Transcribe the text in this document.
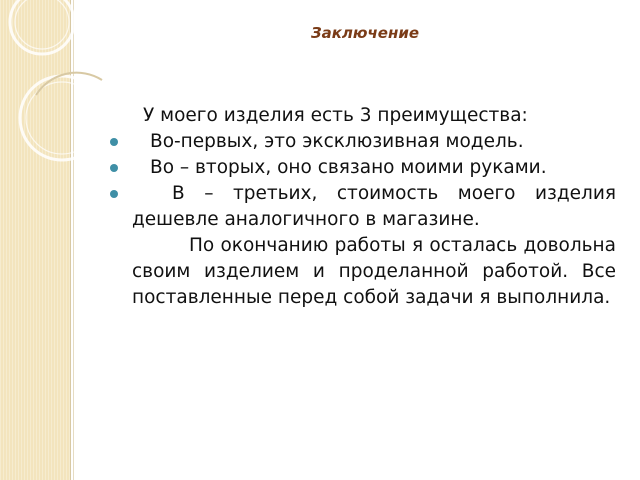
Заключение

У моего изделия есть 3 преимущества:

Во-первых, это эксклюзивная модель.
Во – вторых, оно связано моими руками.
В – третьих, стоимость моего изделия дешевле аналогичного в магазине.

По окончанию работы я осталась довольна своим изделием и проделанной работой. Все поставленные перед собой задачи я выполнила.
